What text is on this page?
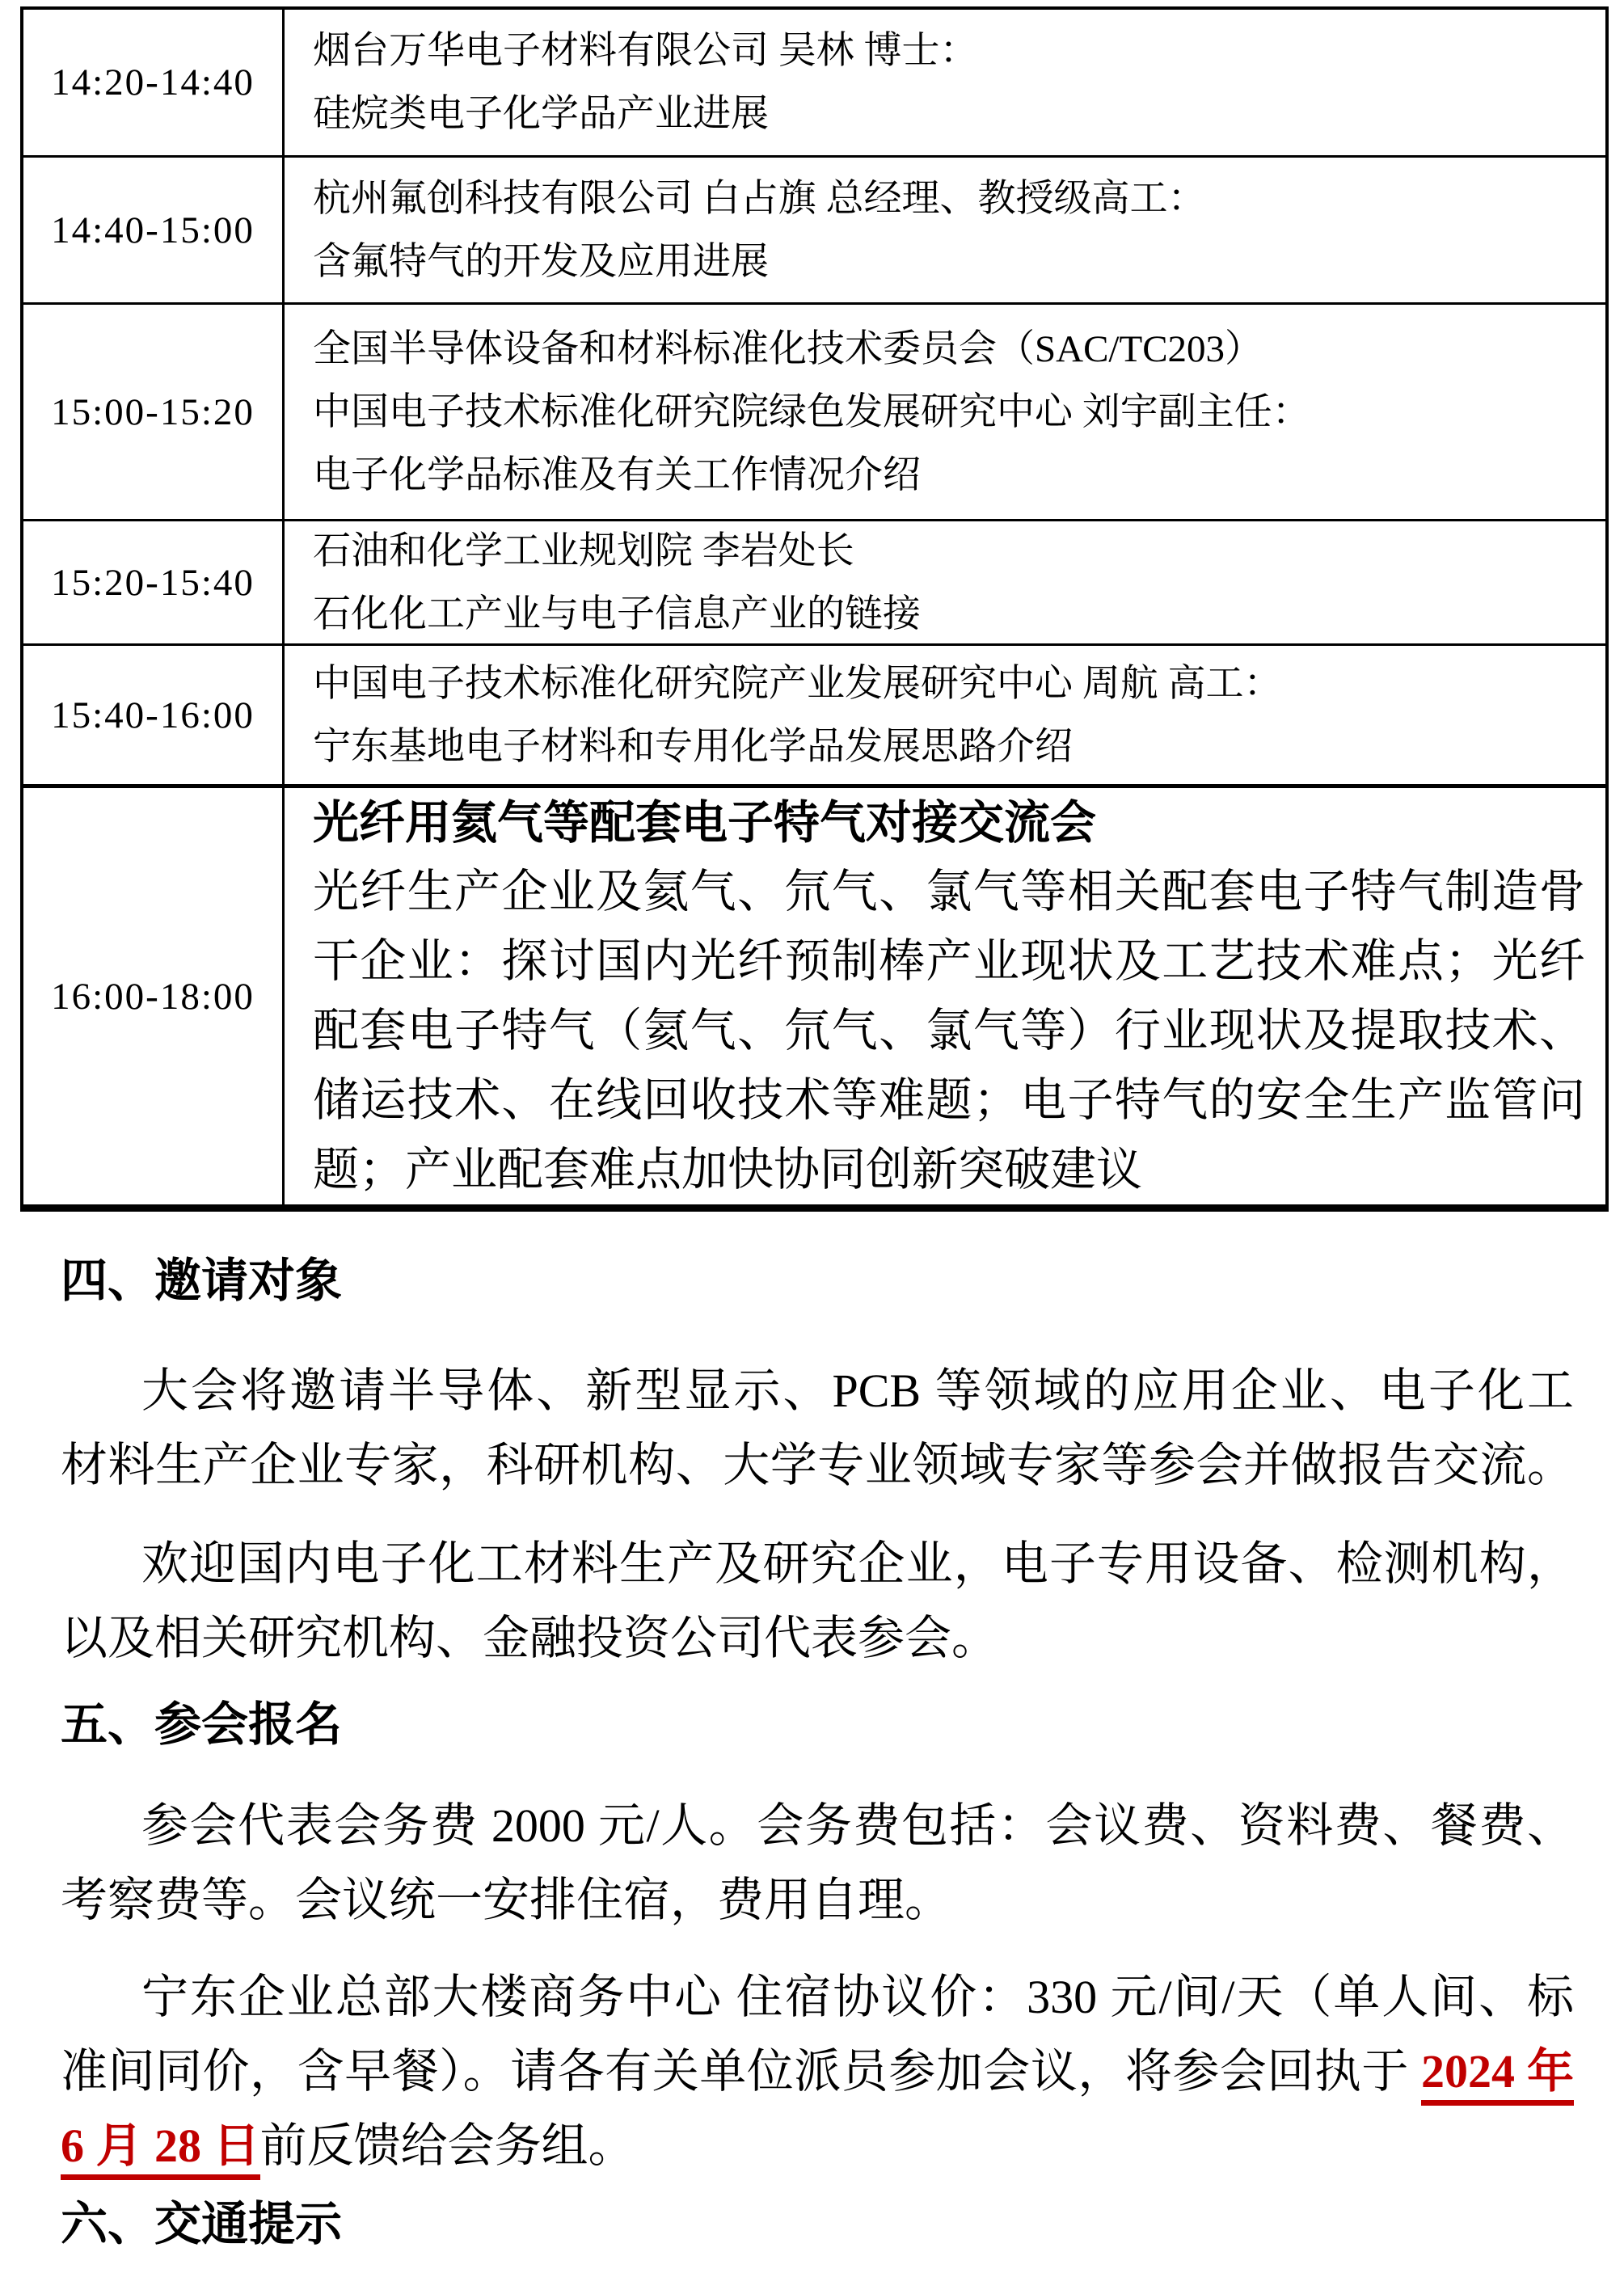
14:20-14:40
烟台万华电子材料有限公司 吴林 博士：
硅烷类电子化学品产业进展
14:40-15:00
杭州氟创科技有限公司 白占旗 总经理、教授级高工：
含氟特气的开发及应用进展
15:00-15:20
全国半导体设备和材料标准化技术委员会（SAC/TC203）
中国电子技术标准化研究院绿色发展研究中心 刘宇副主任：
电子化学品标准及有关工作情况介绍
15:20-15:40
石油和化学工业规划院 李岩处长
石化化工产业与电子信息产业的链接
15:40-16:00
中国电子技术标准化研究院产业发展研究中心 周航 高工：
宁东基地电子材料和专用化学品发展思路介绍
16:00-18:00
光纤用氦气等配套电子特气对接交流会
光纤生产企业及氦气、氘气、氯气等相关配套电子特气制造骨
干企业：探讨国内光纤预制棒产业现状及工艺技术难点；光纤
配套电子特气（氦气、氘气、氯气等）行业现状及提取技术、
储运技术、在线回收技术等难题；电子特气的安全生产监管问
题；产业配套难点加快协同创新突破建议
四、邀请对象
大会将邀请半导体、新型显示、PCB 等领域的应用企业、电子化工
材料生产企业专家，科研机构、大学专业领域专家等参会并做报告交流。
欢迎国内电子化工材料生产及研究企业，电子专用设备、检测机构，
以及相关研究机构、金融投资公司代表参会。
五、参会报名
参会代表会务费 2000 元/人。会务费包括：会议费、资料费、餐费、
考察费等。会议统一安排住宿，费用自理。
宁东企业总部大楼商务中心 住宿协议价：330 元/间/天（单人间、标
准间同价，含早餐）。请各有关单位派员参加会议，将参会回执于 2024 年
6 月 28 日前反馈给会务组。
六、交通提示
